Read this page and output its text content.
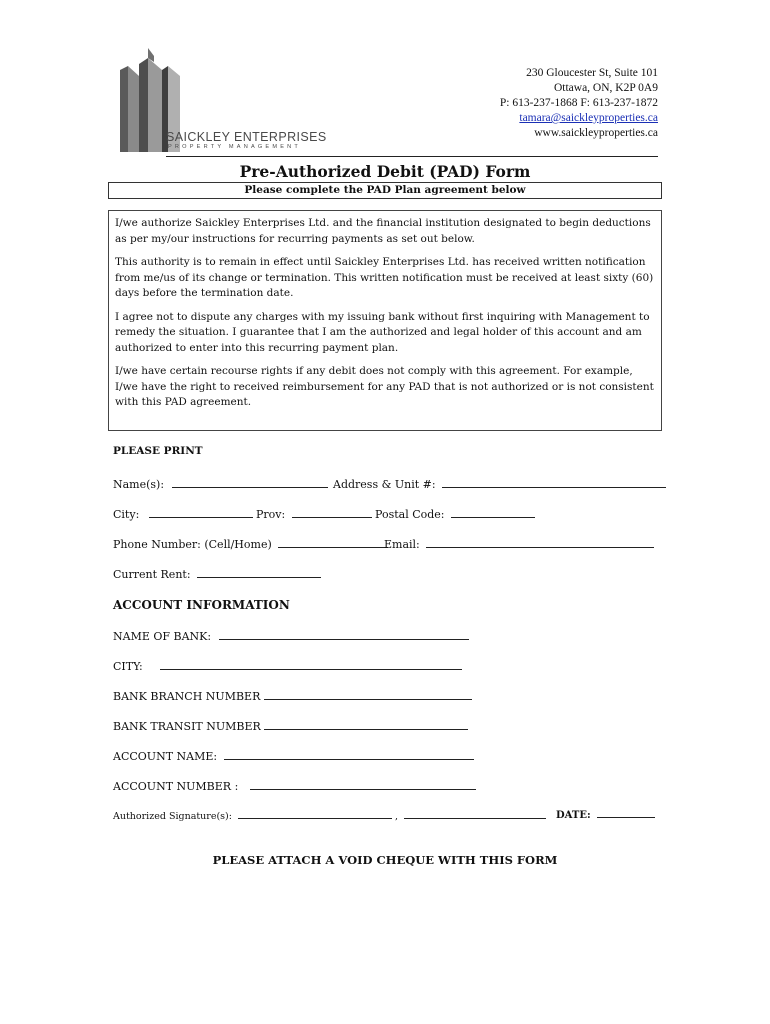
SAICKLEY ENTERPRISES
PROPERTY MANAGEMENT
230 Gloucester St, Suite 101
Ottawa, ON, K2P 0A9
P: 613-237-1868 F: 613-237-1872
tamara@saickleyproperties.ca
www.saickleyproperties.ca
Pre-Authorized Debit (PAD) Form
Please complete the PAD Plan agreement below

I/we authorize Saickley Enterprises Ltd. and the financial institution designated to begin deductions as per my/our instructions for recurring payments as set out below.

This authority is to remain in effect until Saickley Enterprises Ltd. has received written notification from me/us of its change or termination. This written notification must be received at least sixty (60) days before the termination date.

I agree not to dispute any charges with my issuing bank without first inquiring with Management to remedy the situation. I guarantee that I am the authorized and legal holder of this account and am authorized to enter into this recurring payment plan.

I/we have certain recourse rights if any debit does not comply with this agreement. For example, I/we have the right to received reimbursement for any PAD that is not authorized or is not consistent with this PAD agreement.

PLEASE PRINT
Name(s):	Address & Unit #:
City:	Prov:	Postal Code:
Phone Number: (Cell/Home)	Email:
Current Rent:
ACCOUNT INFORMATION
NAME OF BANK:
CITY:
BANK BRANCH NUMBER
BANK TRANSIT NUMBER
ACCOUNT NAME:
ACCOUNT NUMBER :
Authorized Signature(s):	,	DATE:
PLEASE ATTACH A VOID CHEQUE WITH THIS FORM
